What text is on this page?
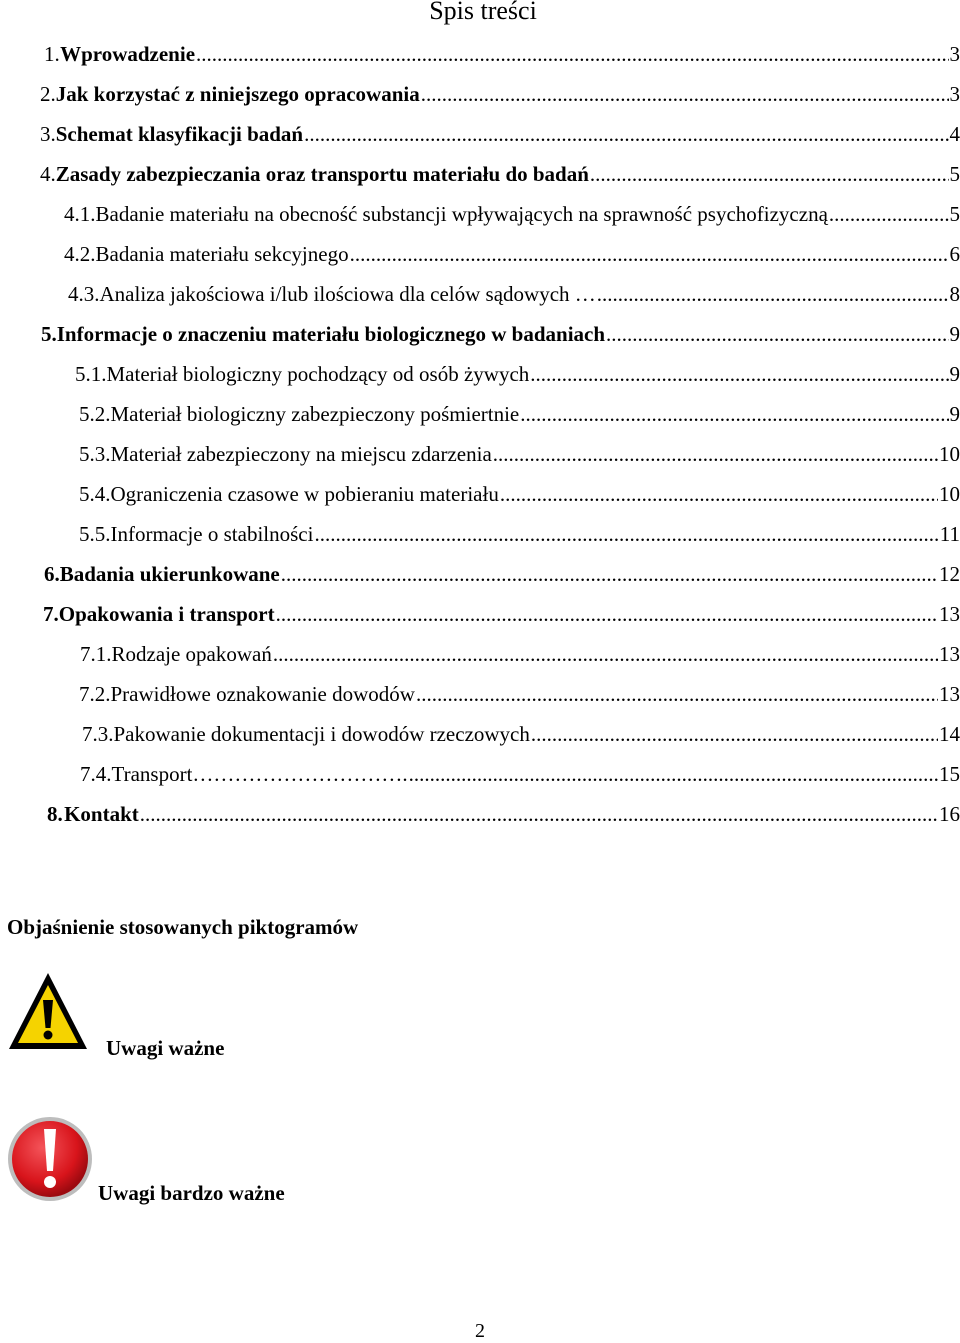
Spis treści
1. Wprowadzenie .....	3
2. Jak korzystać z niniejszego opracowania .....	3
3. Schemat klasyfikacji badań .....	4
4. Zasady zabezpieczania oraz transportu materiału do badań .....	5
4.1. Badanie materiału na obecność substancji wpływających na sprawność psychofizyczną .....	5
4.2. Badania materiału sekcyjnego .....	6
4.3. Analiza jakościowa i/lub ilościowa dla celów sądowych … .....	8
5. Informacje o znaczeniu materiału biologicznego w badaniach .....	9
5.1. Materiał biologiczny pochodzący od osób żywych .....	9
5.2. Materiał biologiczny zabezpieczony pośmiertnie .....	9
5.3. Materiał zabezpieczony na miejscu zdarzenia .....	10
5.4. Ograniczenia czasowe w pobieraniu materiału .....	10
5.5. Informacje o stabilności .....	11
6. Badania ukierunkowane .....	12
7. Opakowania i transport .....	13
7.1. Rodzaje opakowań .....	13
7.2. Prawidłowe oznakowanie dowodów .....	13
7.3. Pakowanie dokumentacji i dowodów rzeczowych .....	14
7.4. Transport…………………………. .....	15
8. Kontakt .....	16
Objaśnienie stosowanych piktogramów
Uwagi ważne
Uwagi bardzo ważne
2
